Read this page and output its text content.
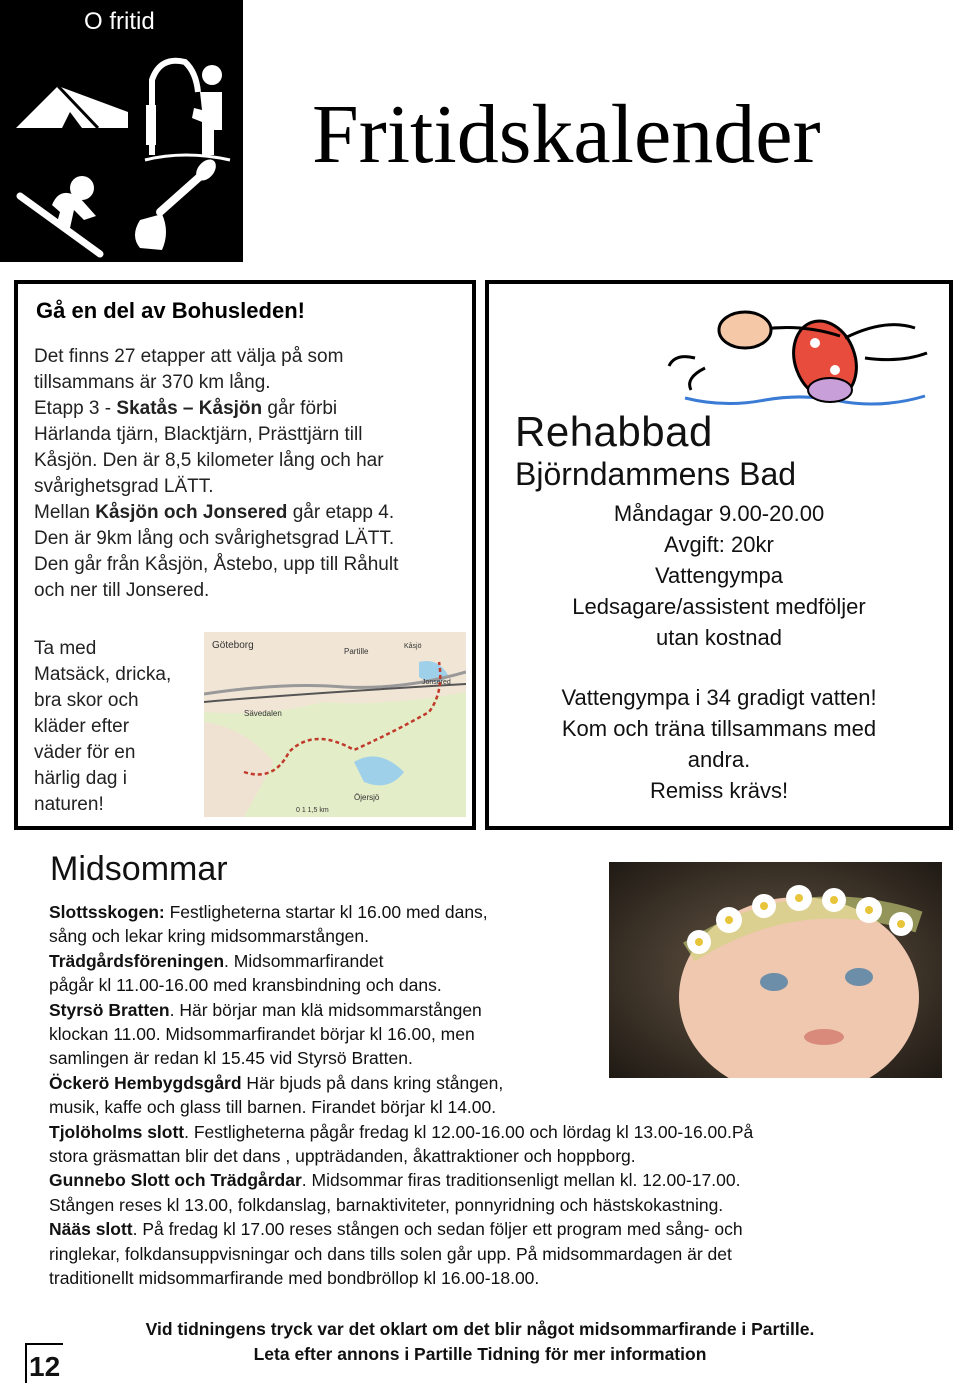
O fritid
Fritidskalender
Gå en del av Bohusleden!
Det finns 27 etapper att välja på som
tillsammans är 370 km lång.
Etapp 3 - Skatås – Kåsjön går förbi
Härlanda tjärn, Blacktjärn, Prästtjärn till
Kåsjön. Den är 8,5 kilometer lång och har
svårighetsgrad LÄTT.
Mellan Kåsjön och Jonsered går etapp 4.
Den är 9km lång och svårighetsgrad LÄTT.
Den går från Kåsjön, Åstebo, upp till Råhult
och ner till Jonsered.
Ta med
Matsäck, dricka,
bra skor och
kläder efter
väder för en
härlig dag i
naturen!
Göteborg
Partille
Sävedalen
Öjersjö
Jonsered
Kåsjö
0 1 1,5 km
Rehabbad
Björndammens Bad
Måndagar 9.00-20.00
Avgift: 20kr
Vattengympa
Ledsagare/assistent medföljer
utan kostnad
Vattengympa i 34 gradigt vatten!
Kom och träna tillsammans med
andra.
Remiss krävs!
Midsommar
Slottsskogen: Festligheterna startar kl 16.00 med dans,
sång och lekar kring midsommarstången.
Trädgårdsföreningen. Midsommarfirandet
pågår kl 11.00-16.00 med kransbindning och dans.
Styrsö Bratten. Här börjar man klä midsommarstången
klockan 11.00. Midsommarfirandet börjar kl 16.00, men
samlingen är redan kl 15.45 vid Styrsö Bratten.
Öckerö Hembygdsgård Här bjuds på dans kring stången,
musik, kaffe och glass till barnen. Firandet börjar kl 14.00.
Tjolöholms slott. Festligheterna pågår fredag kl 12.00-16.00 och lördag kl 13.00-16.00.På
stora gräsmattan blir det dans , uppträdanden, åkattraktioner och hoppborg.
Gunnebo Slott och Trädgårdar. Midsommar firas traditionsenligt mellan kl. 12.00-17.00.
Stången reses kl 13.00, folkdanslag, barnaktiviteter, ponnyridning och hästskokastning.
Nääs slott. På fredag kl 17.00 reses stången och sedan följer ett program med sång- och
ringlekar, folkdansuppvisningar och dans tills solen går upp. På midsommardagen är det
traditionellt midsommarfirande med bondbröllop kl 16.00-18.00.
Vid tidningens tryck var det oklart om det blir något midsommarfirande i Partille.
Leta efter annons i Partille Tidning för mer information
12
